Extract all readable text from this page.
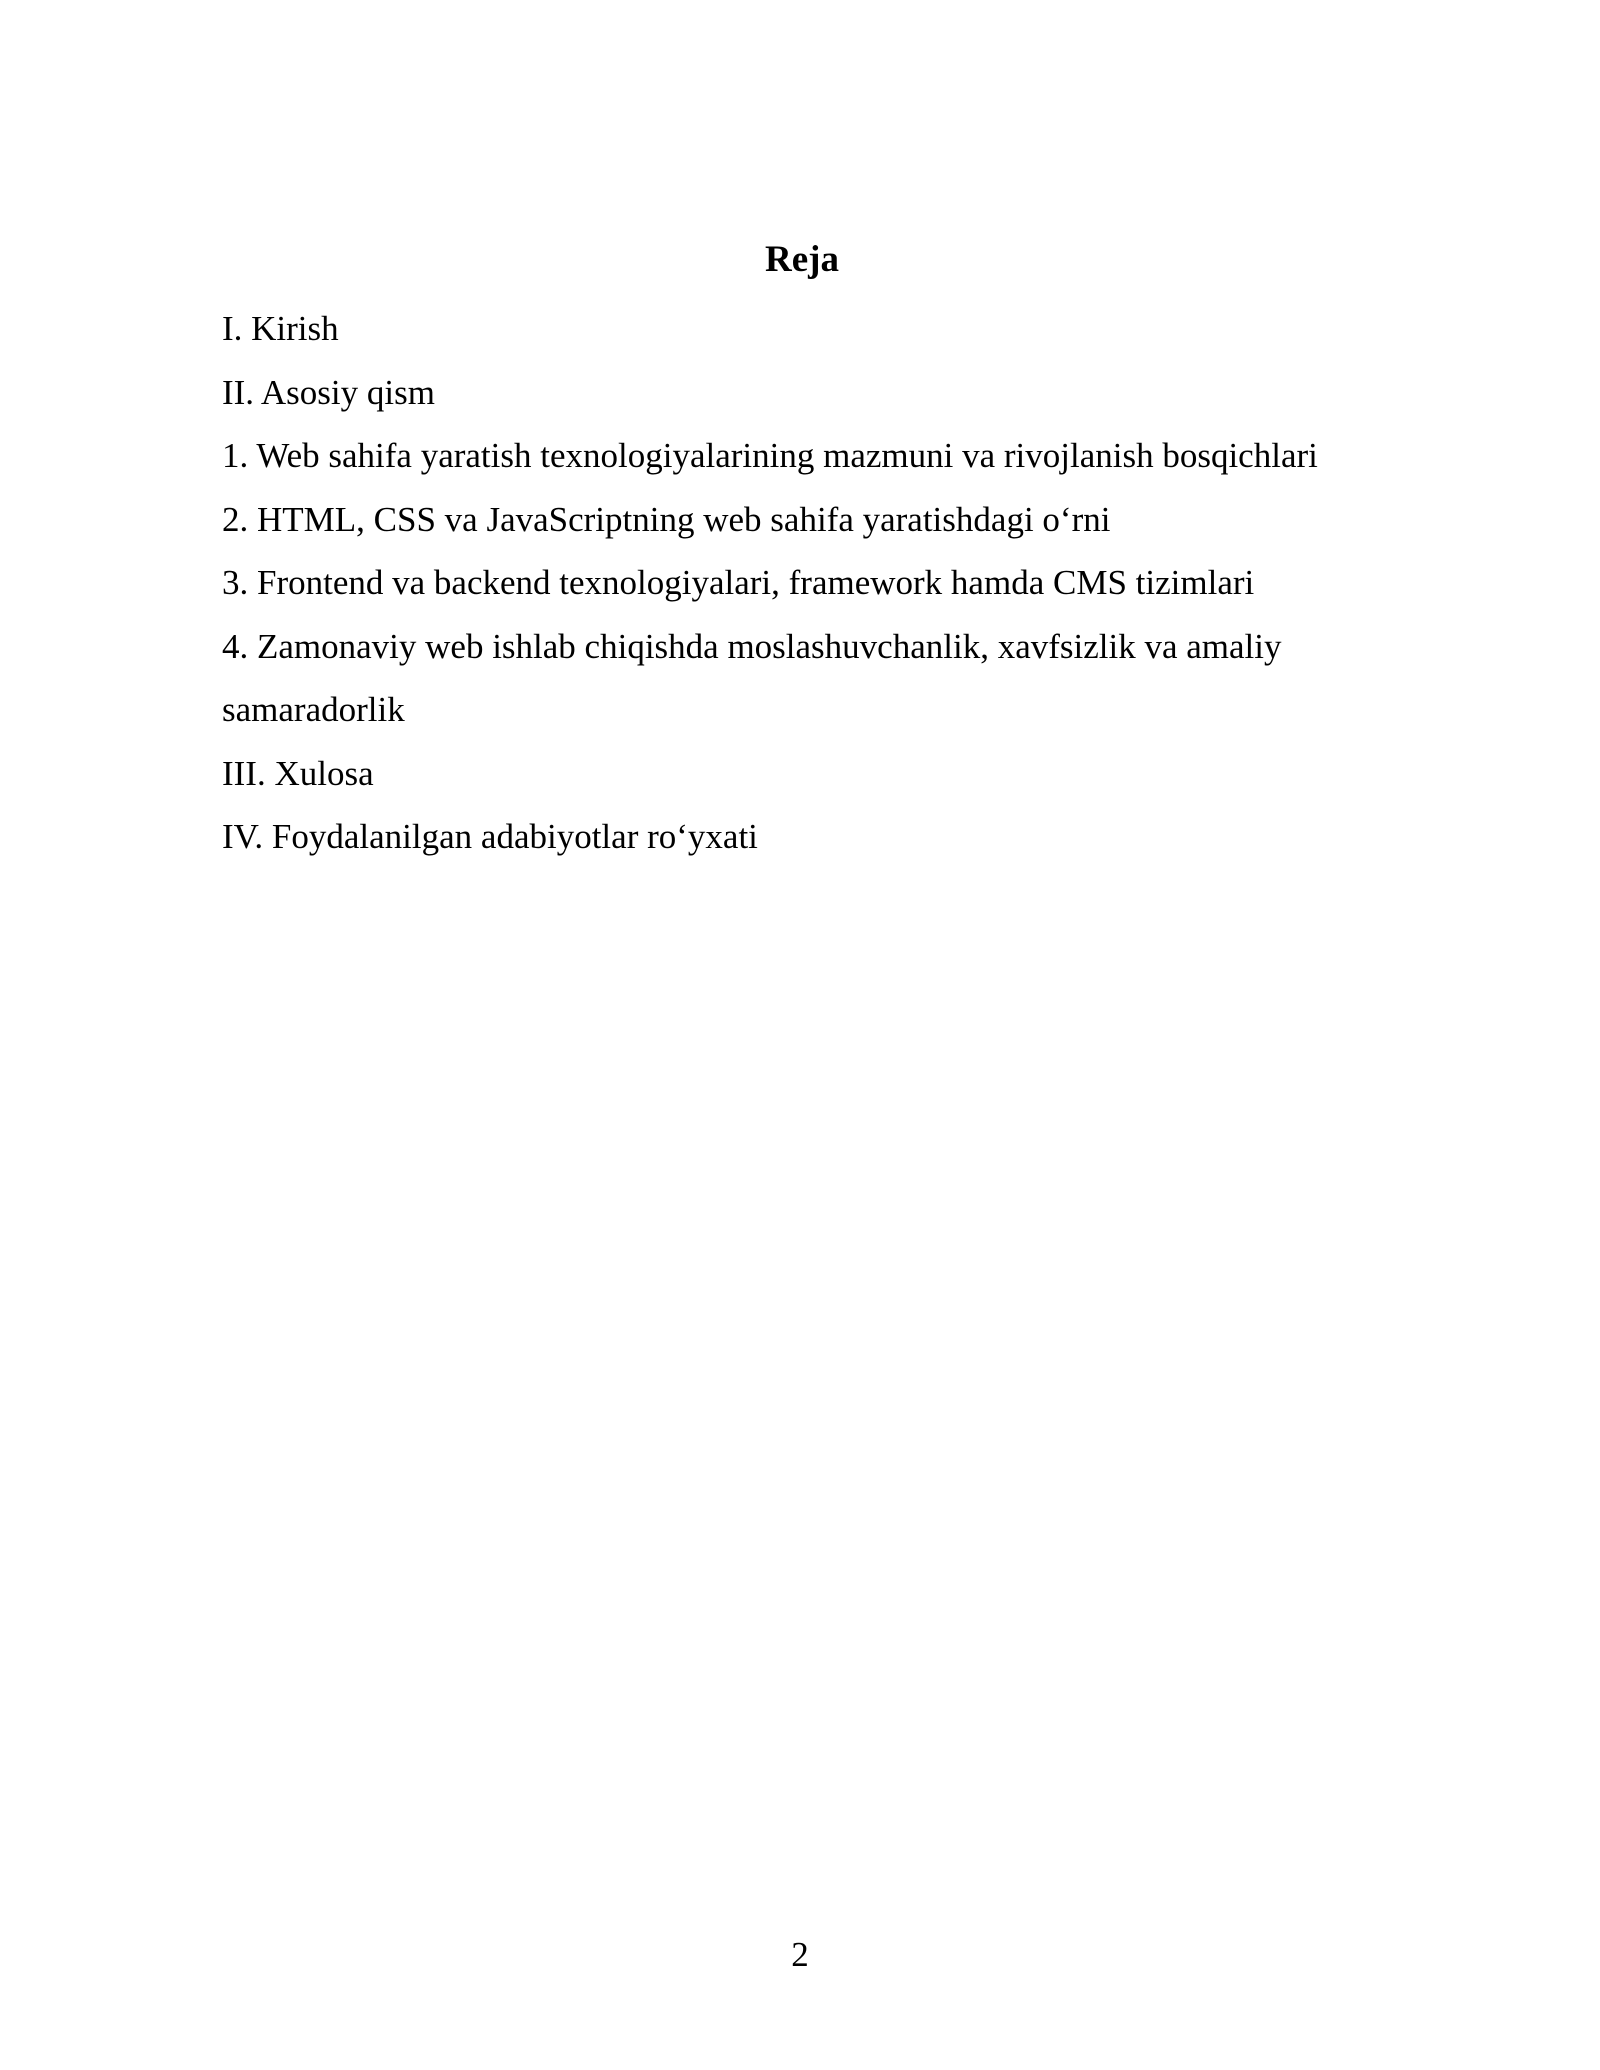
Reja
I. Kirish
II. Asosiy qism
1. Web sahifa yaratish texnologiyalarining mazmuni va rivojlanish bosqichlari
2. HTML, CSS va JavaScriptning web sahifa yaratishdagi o‘rni
3. Frontend va backend texnologiyalari, framework hamda CMS tizimlari
4. Zamonaviy web ishlab chiqishda moslashuvchanlik, xavfsizlik va amaliy samaradorlik
III. Xulosa
IV. Foydalanilgan adabiyotlar ro‘yxati
2
